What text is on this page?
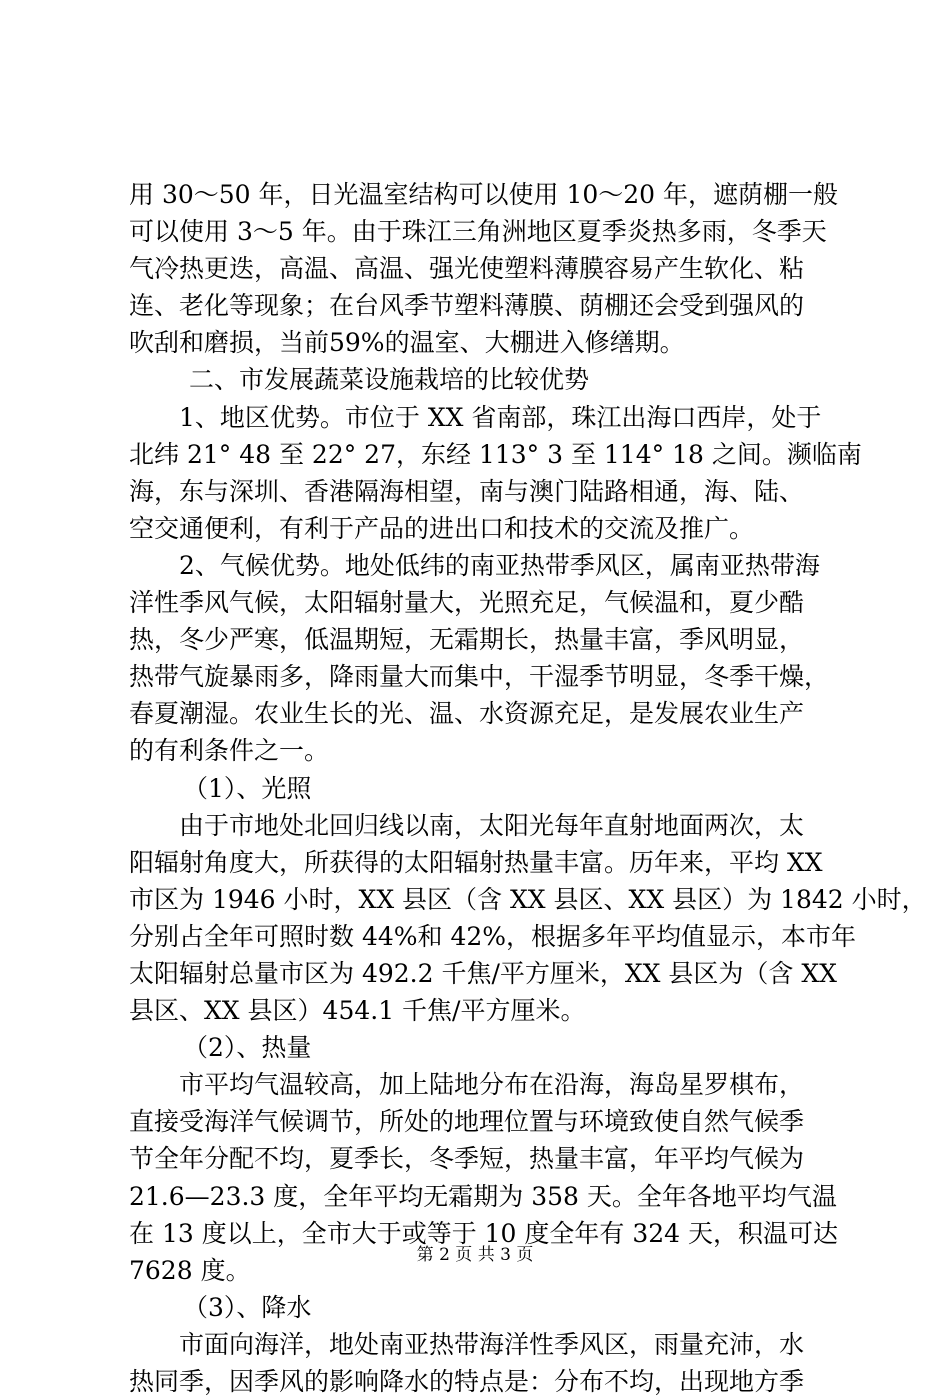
用 30～50 年，日光温室结构可以使用 10～20 年，遮荫棚一般
可以使用 3～5 年。由于珠江三角洲地区夏季炎热多雨，冬季天
气冷热更迭，高温、高温、强光使塑料薄膜容易产生软化、粘
连、老化等现象；在台风季节塑料薄膜、荫棚还会受到强风的
吹刮和磨损，当前59%的温室、大棚进入修缮期。
二、市发展蔬菜设施栽培的比较优势
1、地区优势。市位于 XX 省南部，珠江出海口西岸，处于
北纬 21° 48 至 22° 27，东经 113° 3 至 114° 18 之间。濒临南
海，东与深圳、香港隔海相望，南与澳门陆路相通，海、陆、
空交通便利，有利于产品的进出口和技术的交流及推广。
2、气候优势。地处低纬的南亚热带季风区，属南亚热带海
洋性季风气候，太阳辐射量大，光照充足，气候温和，夏少酷
热，冬少严寒，低温期短，无霜期长，热量丰富，季风明显，
热带气旋暴雨多，降雨量大而集中，干湿季节明显，冬季干燥，
春夏潮湿。农业生长的光、温、水资源充足，是发展农业生产
的有利条件之一。
（1）、光照
由于市地处北回归线以南，太阳光每年直射地面两次，太
阳辐射角度大，所获得的太阳辐射热量丰富。历年来，平均 XX
市区为 1946 小时，XX 县区（含 XX 县区、XX 县区）为 1842 小时，
分别占全年可照时数 44%和 42%，根据多年平均值显示，本市年
太阳辐射总量市区为 492.2 千焦/平方厘米，XX 县区为（含 XX
县区、XX 县区）454.1 千焦/平方厘米。
（2）、热量
市平均气温较高，加上陆地分布在沿海，海岛星罗棋布，
直接受海洋气候调节，所处的地理位置与环境致使自然气候季
节全年分配不均，夏季长，冬季短，热量丰富，年平均气候为
21.6—23.3 度，全年平均无霜期为 358 天。全年各地平均气温
在 13 度以上，全市大于或等于 10 度全年有 324 天，积温可达
7628 度。
（3）、降水
市面向海洋，地处南亚热带海洋性季风区，雨量充沛，水
热同季，因季风的影响降水的特点是：分布不均，出现地方季
第 2 页 共 3 页
